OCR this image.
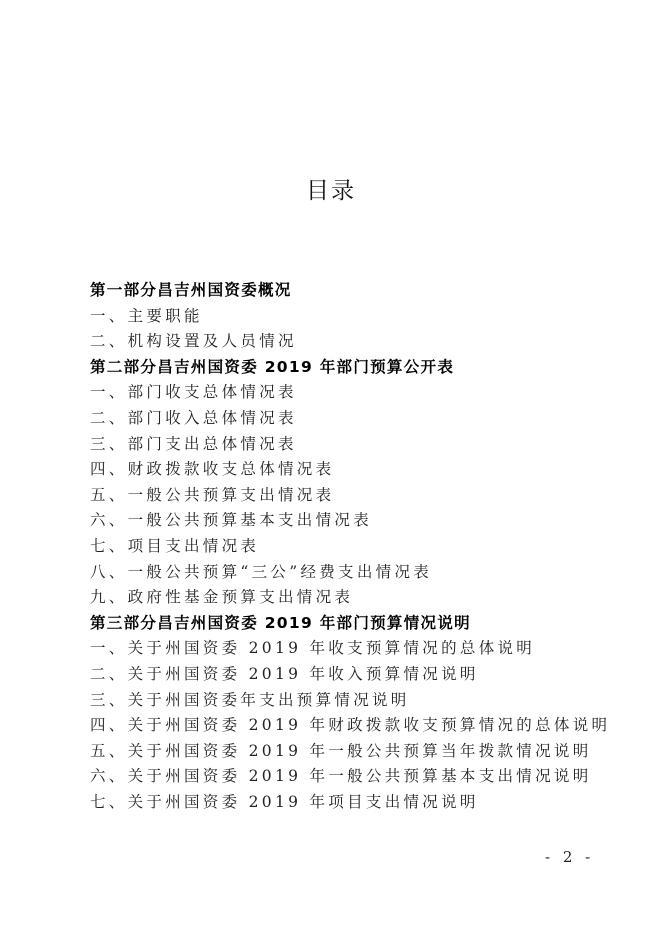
目录
第一部分昌吉州国资委概况
一、主要职能
二、机构设置及人员情况
第二部分昌吉州国资委 2019 年部门预算公开表
一、部门收支总体情况表
二、部门收入总体情况表
三、部门支出总体情况表
四、财政拨款收支总体情况表
五、一般公共预算支出情况表
六、一般公共预算基本支出情况表
七、项目支出情况表
八、一般公共预算“三公”经费支出情况表
九、政府性基金预算支出情况表
第三部分昌吉州国资委 2019 年部门预算情况说明
一、关于州国资委 2019 年收支预算情况的总体说明
二、关于州国资委 2019 年收入预算情况说明
三、关于州国资委年支出预算情况说明
四、关于州国资委 2019 年财政拨款收支预算情况的总体说明
五、关于州国资委 2019 年一般公共预算当年拨款情况说明
六、关于州国资委 2019 年一般公共预算基本支出情况说明
七、关于州国资委 2019 年项目支出情况说明
- 2 -
